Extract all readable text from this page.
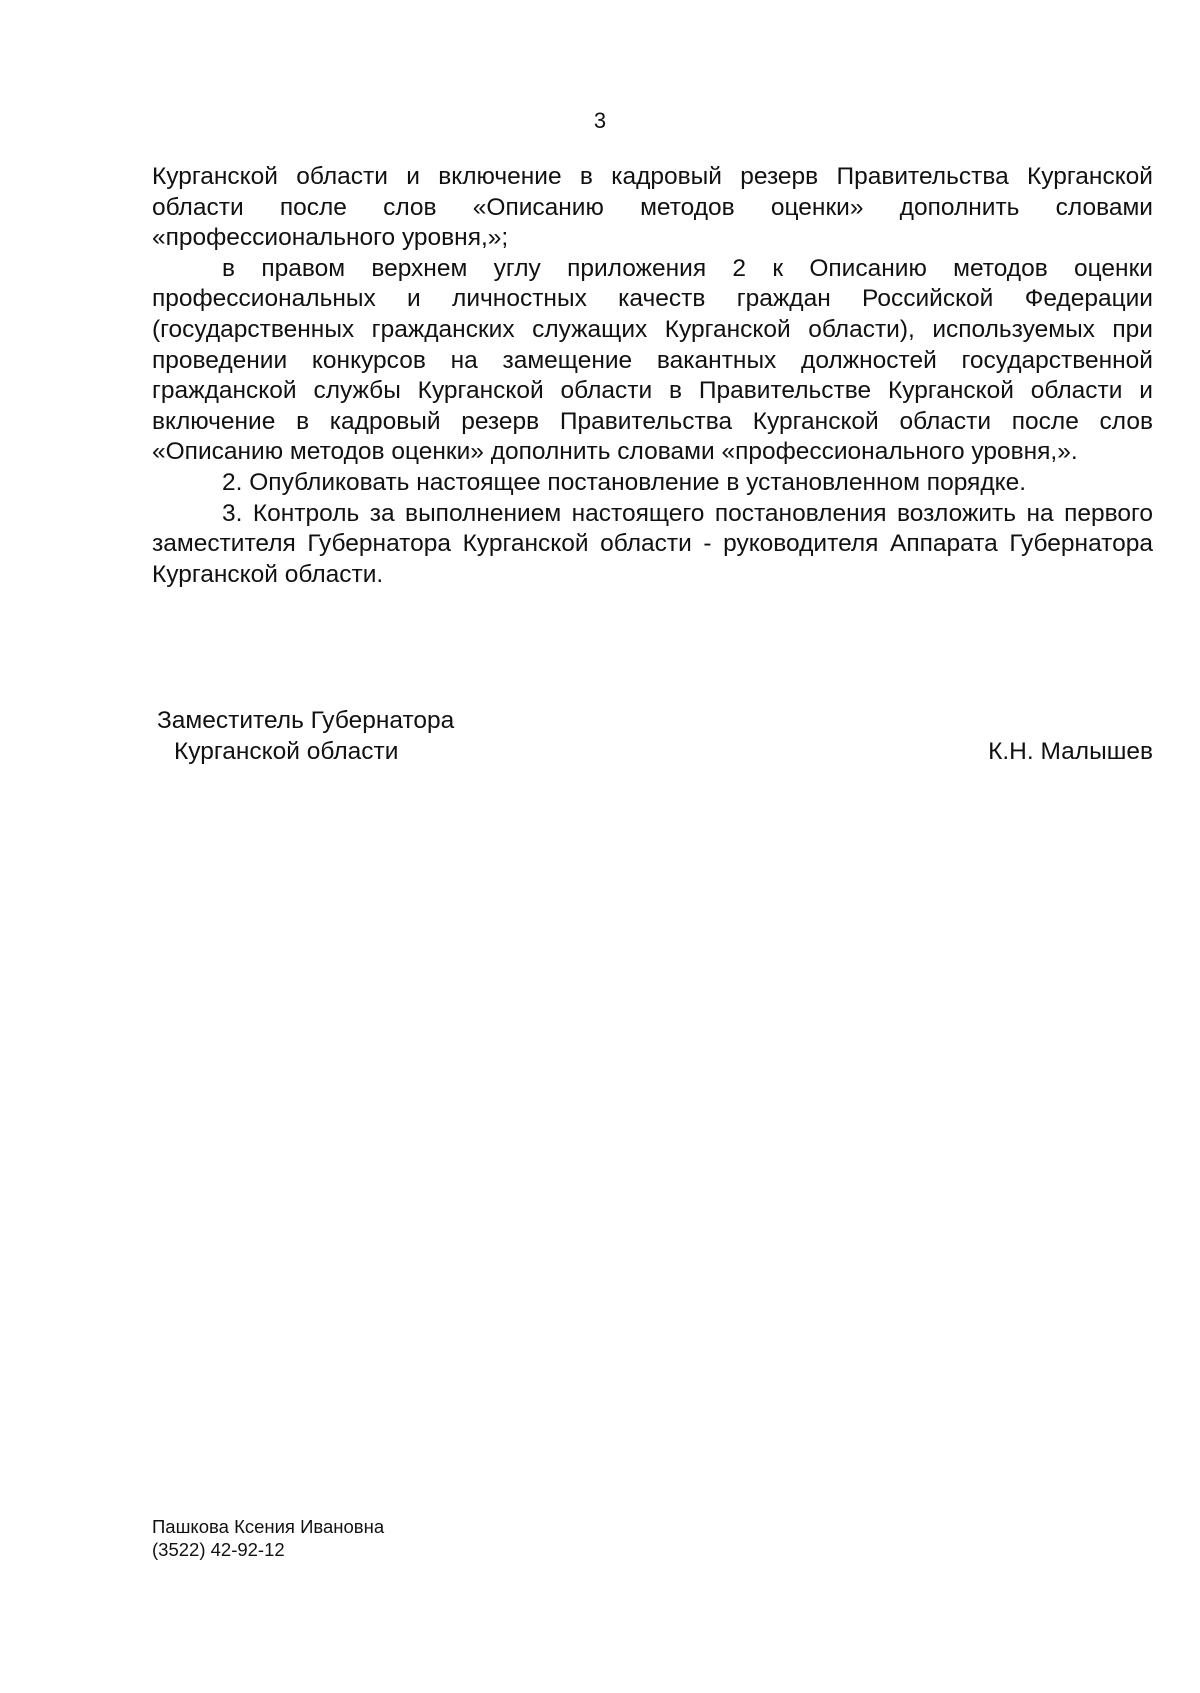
3

Курганской области и включение в кадровый резерв Правительства Курганской области после слов «Описанию методов оценки» дополнить словами «профессионального уровня,»;

в правом верхнем углу приложения 2 к Описанию методов оценки профессиональных и личностных качеств граждан Российской Федерации (государственных гражданских служащих Курганской области), используемых при проведении конкурсов на замещение вакантных должностей государственной гражданской службы Курганской области в Правительстве Курганской области и включение в кадровый резерв Правительства Курганской области после слов «Описанию методов оценки» дополнить словами «профессионального уровня,».

2. Опубликовать настоящее постановление в установленном порядке.

3. Контроль за выполнением настоящего постановления возложить на первого заместителя Губернатора Курганской области - руководителя Аппарата Губернатора Курганской области.

Заместитель Губернатора
Курганской области	К.Н. Малышев
Пашкова Ксения Ивановна
(3522) 42-92-12
